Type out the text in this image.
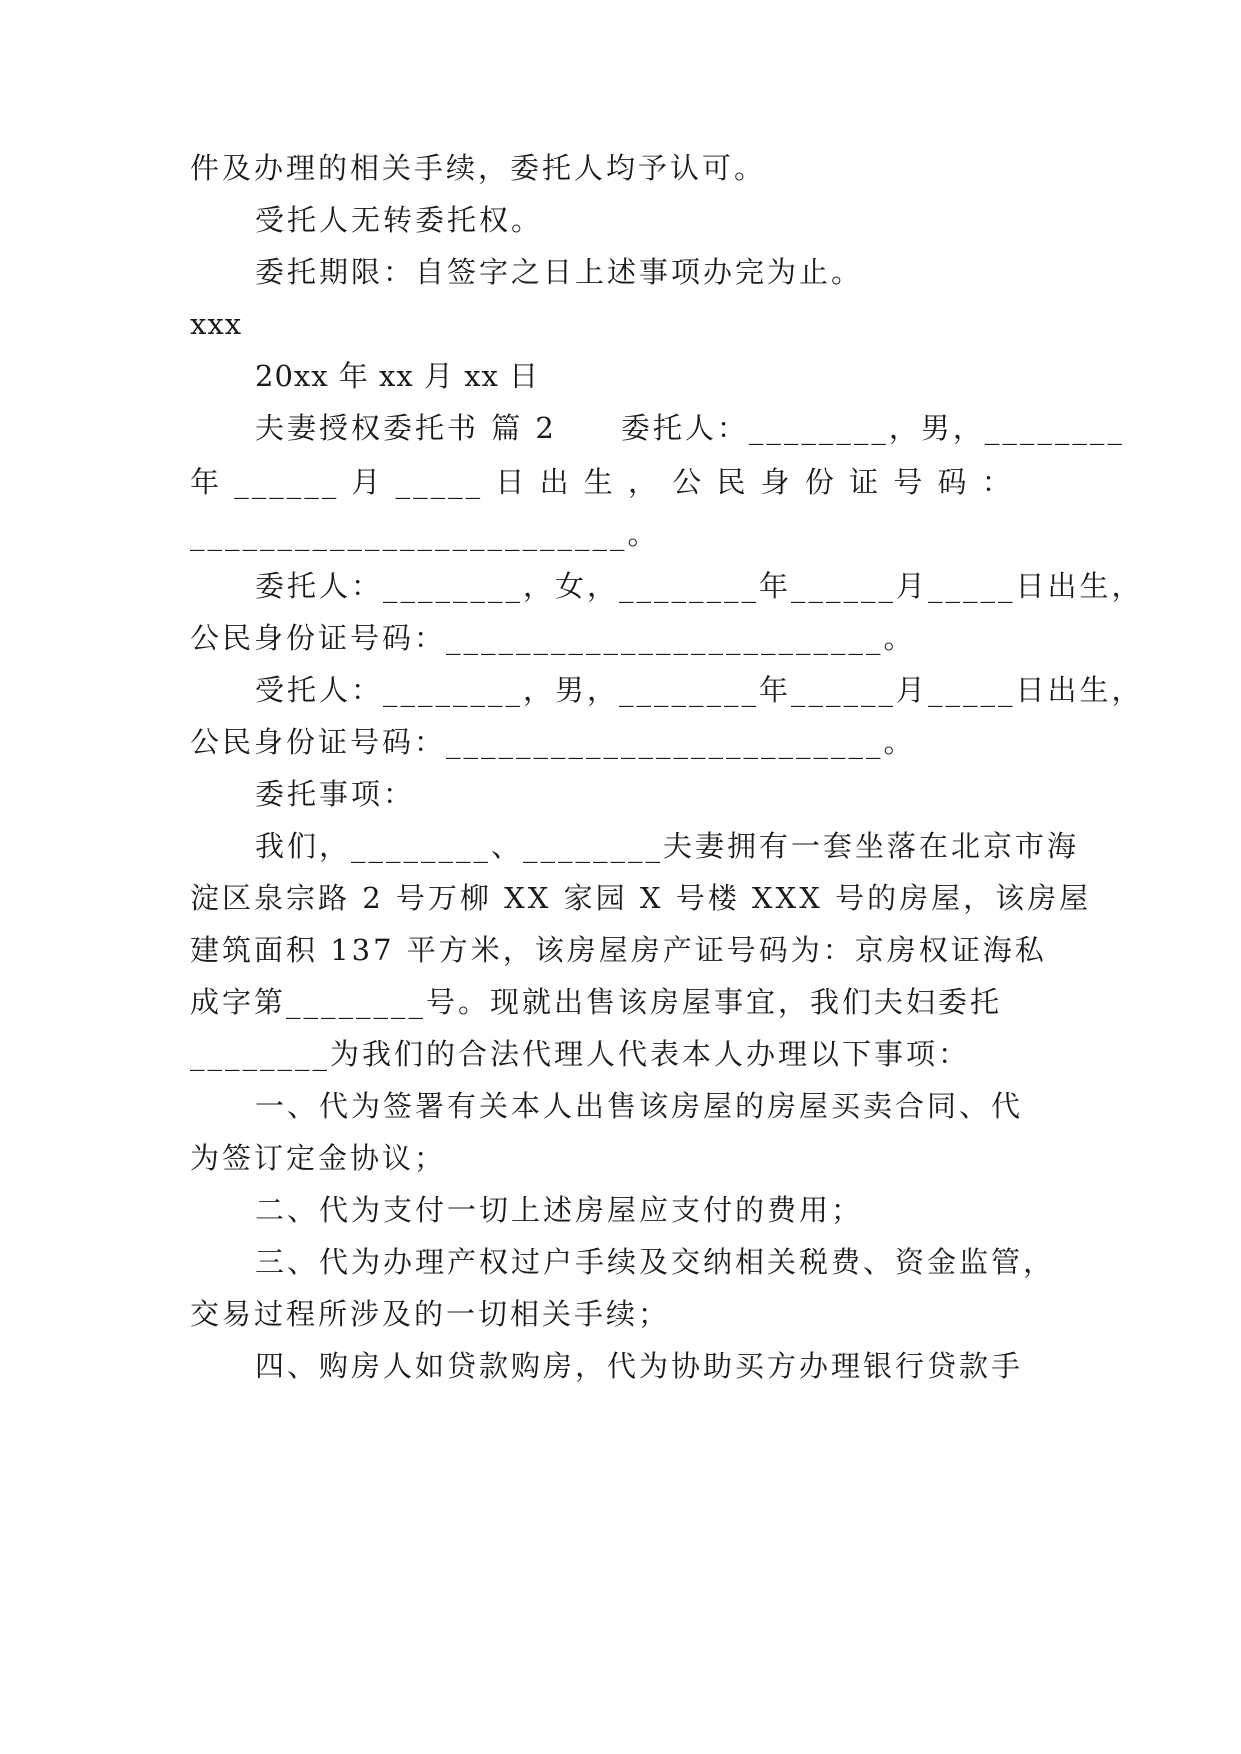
件及办理的相关手续，委托人均予认可。
受托人无转委托权。
委托期限：自签字之日上述事项办完为止。
xxx
20xx 年 xx 月 xx 日
夫妻授权委托书 篇 2　　委托人：________，男，________
年 ______ 月 _____ 日 出 生 ， 公 民 身 份 证 号 码 ：
_________________________。
委托人：________，女，________年______月_____日出生，
公民身份证号码：_________________________。
受托人：________，男，________年______月_____日出生，
公民身份证号码：_________________________。
委托事项：
我们，________、________夫妻拥有一套坐落在北京市海
淀区泉宗路 2 号万柳 XX 家园 X 号楼 XXX 号的房屋，该房屋
建筑面积 137 平方米，该房屋房产证号码为：京房权证海私
成字第________号。现就出售该房屋事宜，我们夫妇委托
________为我们的合法代理人代表本人办理以下事项：
一、代为签署有关本人出售该房屋的房屋买卖合同、代
为签订定金协议；
二、代为支付一切上述房屋应支付的费用；
三、代为办理产权过户手续及交纳相关税费、资金监管，
交易过程所涉及的一切相关手续；
四、购房人如贷款购房，代为协助买方办理银行贷款手
